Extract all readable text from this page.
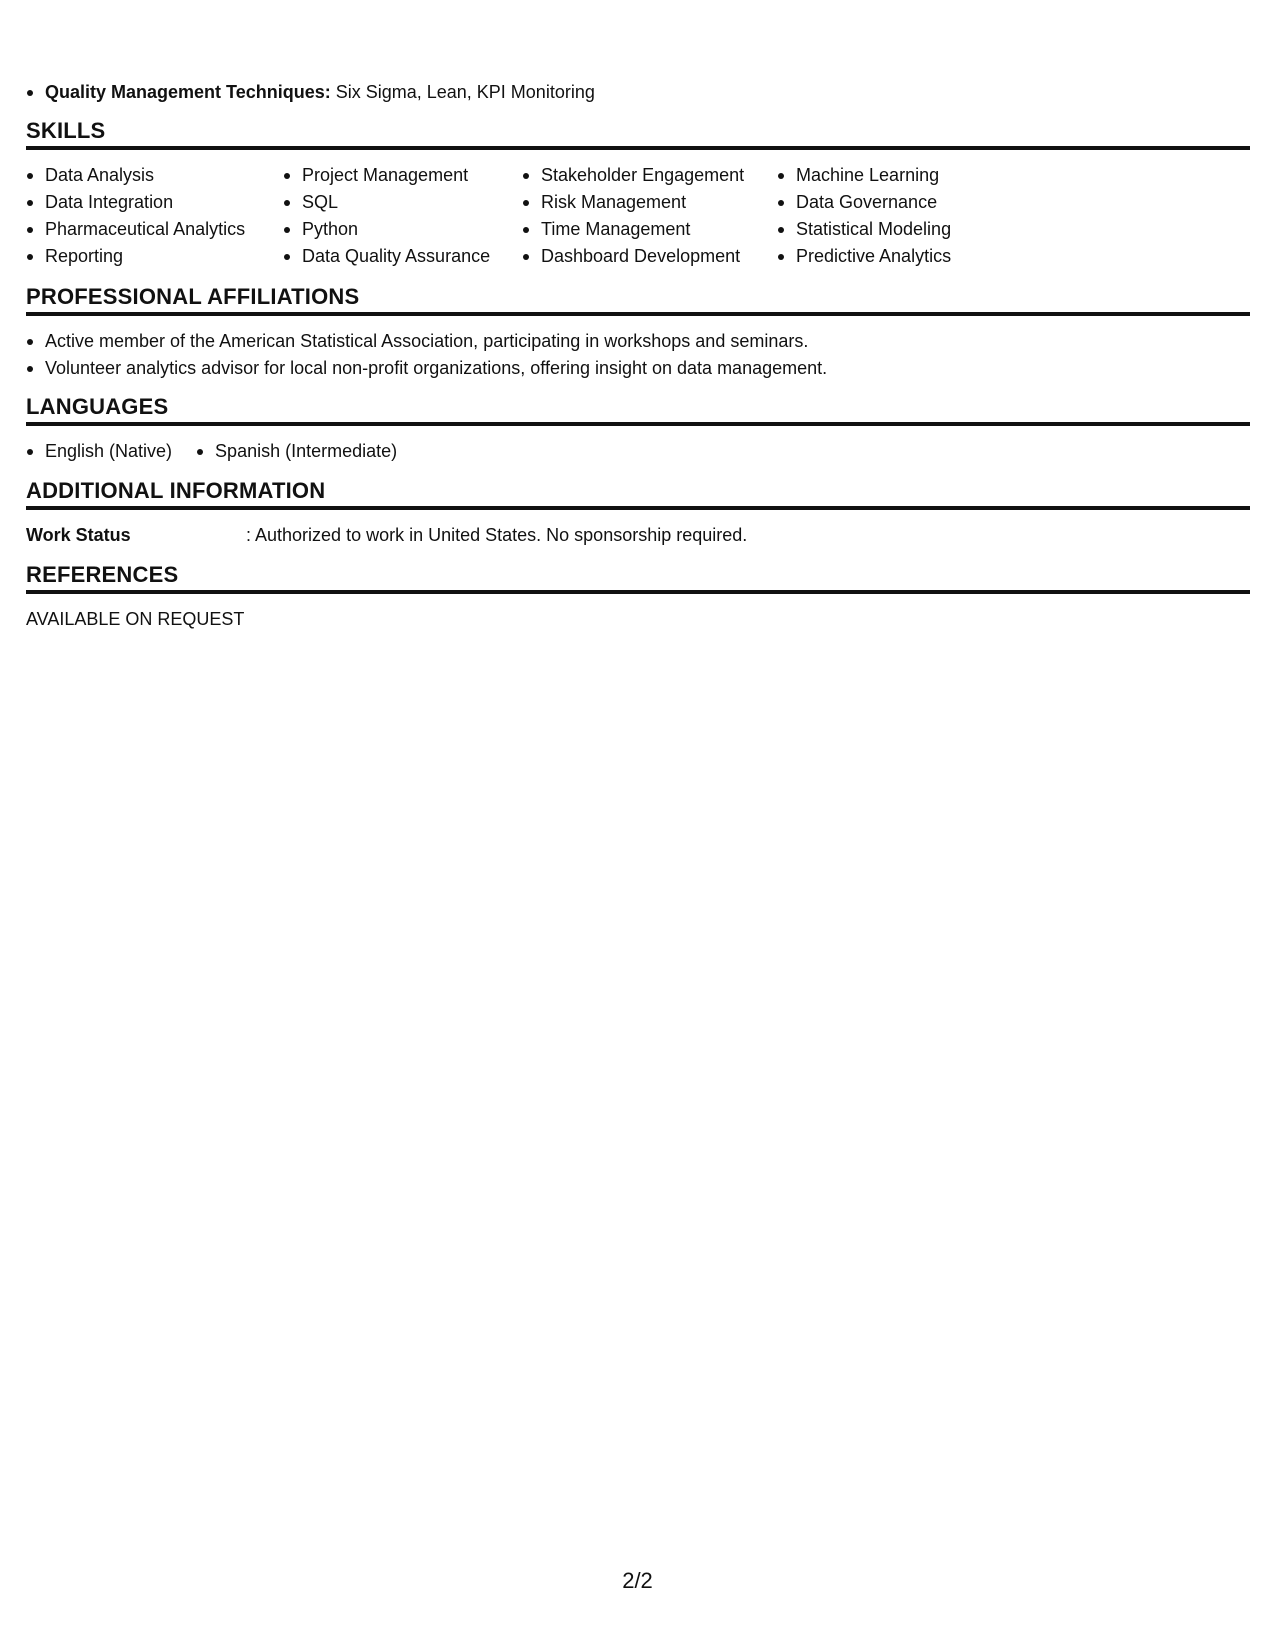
Quality Management Techniques: Six Sigma, Lean, KPI Monitoring
SKILLS
Data Analysis
Data Integration
Pharmaceutical Analytics
Reporting
Project Management
SQL
Python
Data Quality Assurance
Stakeholder Engagement
Risk Management
Time Management
Dashboard Development
Machine Learning
Data Governance
Statistical Modeling
Predictive Analytics
PROFESSIONAL AFFILIATIONS
Active member of the American Statistical Association, participating in workshops and seminars.
Volunteer analytics advisor for local non-profit organizations, offering insight on data management.
LANGUAGES
English (Native)	Spanish (Intermediate)
ADDITIONAL INFORMATION
Work Status	: Authorized to work in United States. No sponsorship required.
REFERENCES
AVAILABLE ON REQUEST
2/2
